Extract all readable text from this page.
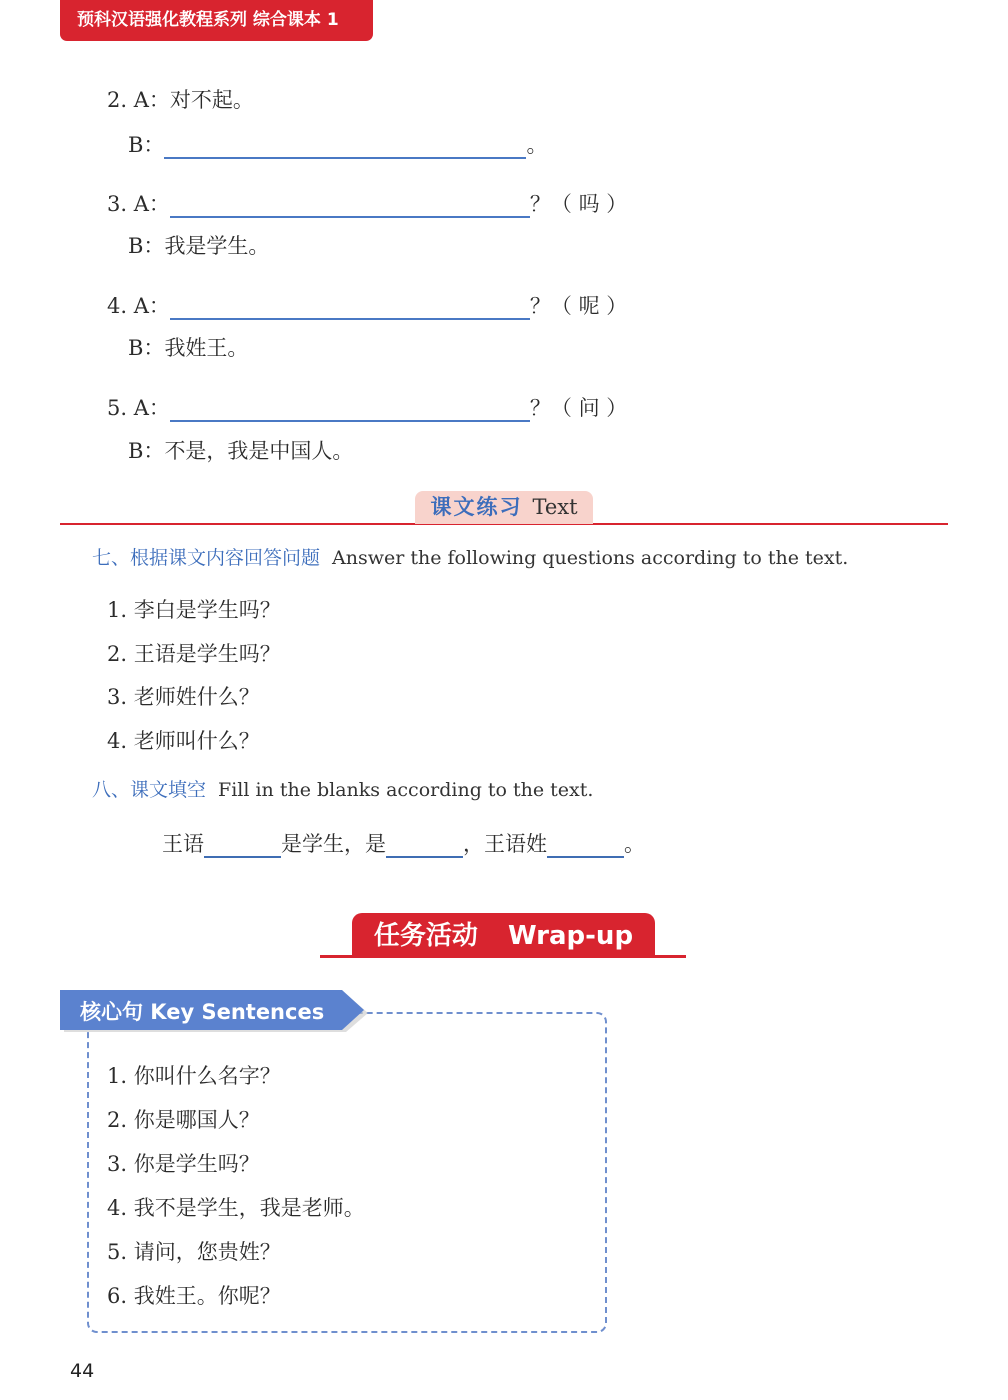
预科汉语强化教程系列 综合课本 1
2. A：对不起。
B：	。
3. A：	？（ 吗 ）
B：我是学生。
4. A：	？（ 呢 ）
B：我姓王。
5. A：	？（ 问 ）
B：不是，我是中国人。
课文练习 Text
七、根据课文内容回答问题 Answer the following questions according to the text.
1. 李白是学生吗？
2. 王语是学生吗？
3. 老师姓什么？
4. 老师叫什么？
八、课文填空 Fill in the blanks according to the text.
王语	是学生，是	，王语姓	。
任务活动 Wrap-up
核心句 Key Sentences
1. 你叫什么名字？
2. 你是哪国人？
3. 你是学生吗？
4. 我不是学生，我是老师。
5. 请问，您贵姓？
6. 我姓王。你呢？
44
